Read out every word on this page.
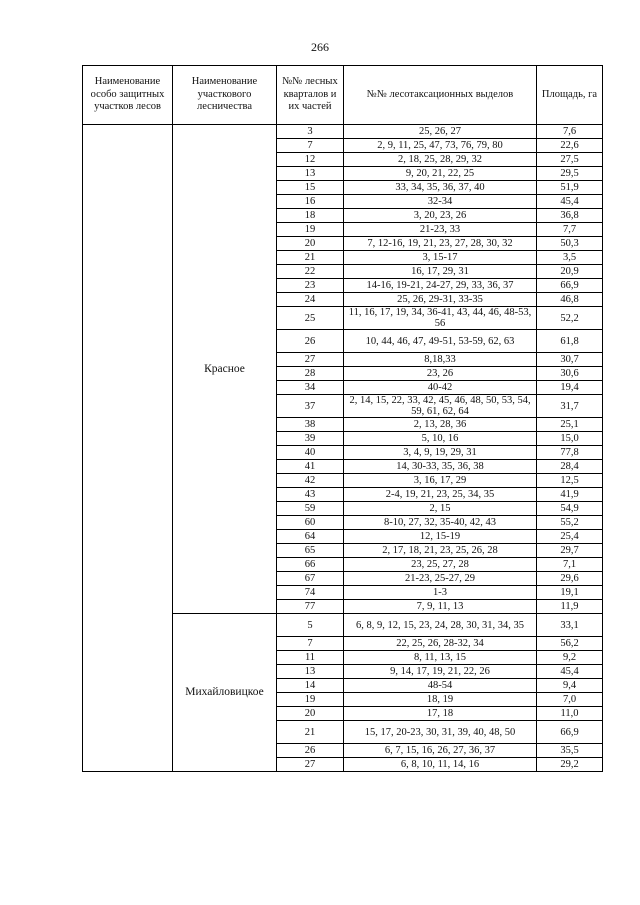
266
Наименование особо защитных участков лесов	Наименование участкового лесничества	№№ лесных кварталов и их частей	№№ лесотаксационных выделов	Площадь, га
	Красное	3	25, 26, 27	7,6
		7	2, 9, 11, 25, 47, 73, 76, 79, 80	22,6
		12	2, 18, 25, 28, 29, 32	27,5
		13	9, 20, 21, 22, 25	29,5
		15	33, 34, 35, 36, 37, 40	51,9
		16	32-34	45,4
		18	3, 20, 23, 26	36,8
		19	21-23, 33	7,7
		20	7, 12-16, 19, 21, 23, 27, 28, 30, 32	50,3
		21	3, 15-17	3,5
		22	16, 17, 29, 31	20,9
		23	14-16, 19-21, 24-27, 29, 33, 36, 37	66,9
		24	25, 26, 29-31, 33-35	46,8
		25	11, 16, 17, 19, 34, 36-41, 43, 44, 46, 48-53, 56	52,2
		26	10, 44, 46, 47, 49-51, 53-59, 62, 63	61,8
		27	8,18,33	30,7
		28	23, 26	30,6
		34	40-42	19,4
		37	2, 14, 15, 22, 33, 42, 45, 46, 48, 50, 53, 54, 59, 61, 62, 64	31,7
		38	2, 13, 28, 36	25,1
		39	5, 10, 16	15,0
		40	3, 4, 9, 19, 29, 31	77,8
		41	14, 30-33, 35, 36, 38	28,4
		42	3, 16, 17, 29	12,5
		43	2-4, 19, 21, 23, 25, 34, 35	41,9
		59	2, 15	54,9
		60	8-10, 27, 32, 35-40, 42, 43	55,2
		64	12, 15-19	25,4
		65	2, 17, 18, 21, 23, 25, 26, 28	29,7
		66	23, 25, 27, 28	7,1
		67	21-23, 25-27, 29	29,6
		74	1-3	19,1
		77	7, 9, 11, 13	11,9
	Михайловицкое	5	6, 8, 9, 12, 15, 23, 24, 28, 30, 31, 34, 35	33,1
		7	22, 25, 26, 28-32, 34	56,2
		11	8, 11, 13, 15	9,2
		13	9, 14, 17, 19, 21, 22, 26	45,4
		14	48-54	9,4
		19	18, 19	7,0
		20	17, 18	11,0
		21	15, 17, 20-23, 30, 31, 39, 40, 48, 50	66,9
		26	6, 7, 15, 16, 26, 27, 36, 37	35,5
		27	6, 8, 10, 11, 14, 16	29,2
